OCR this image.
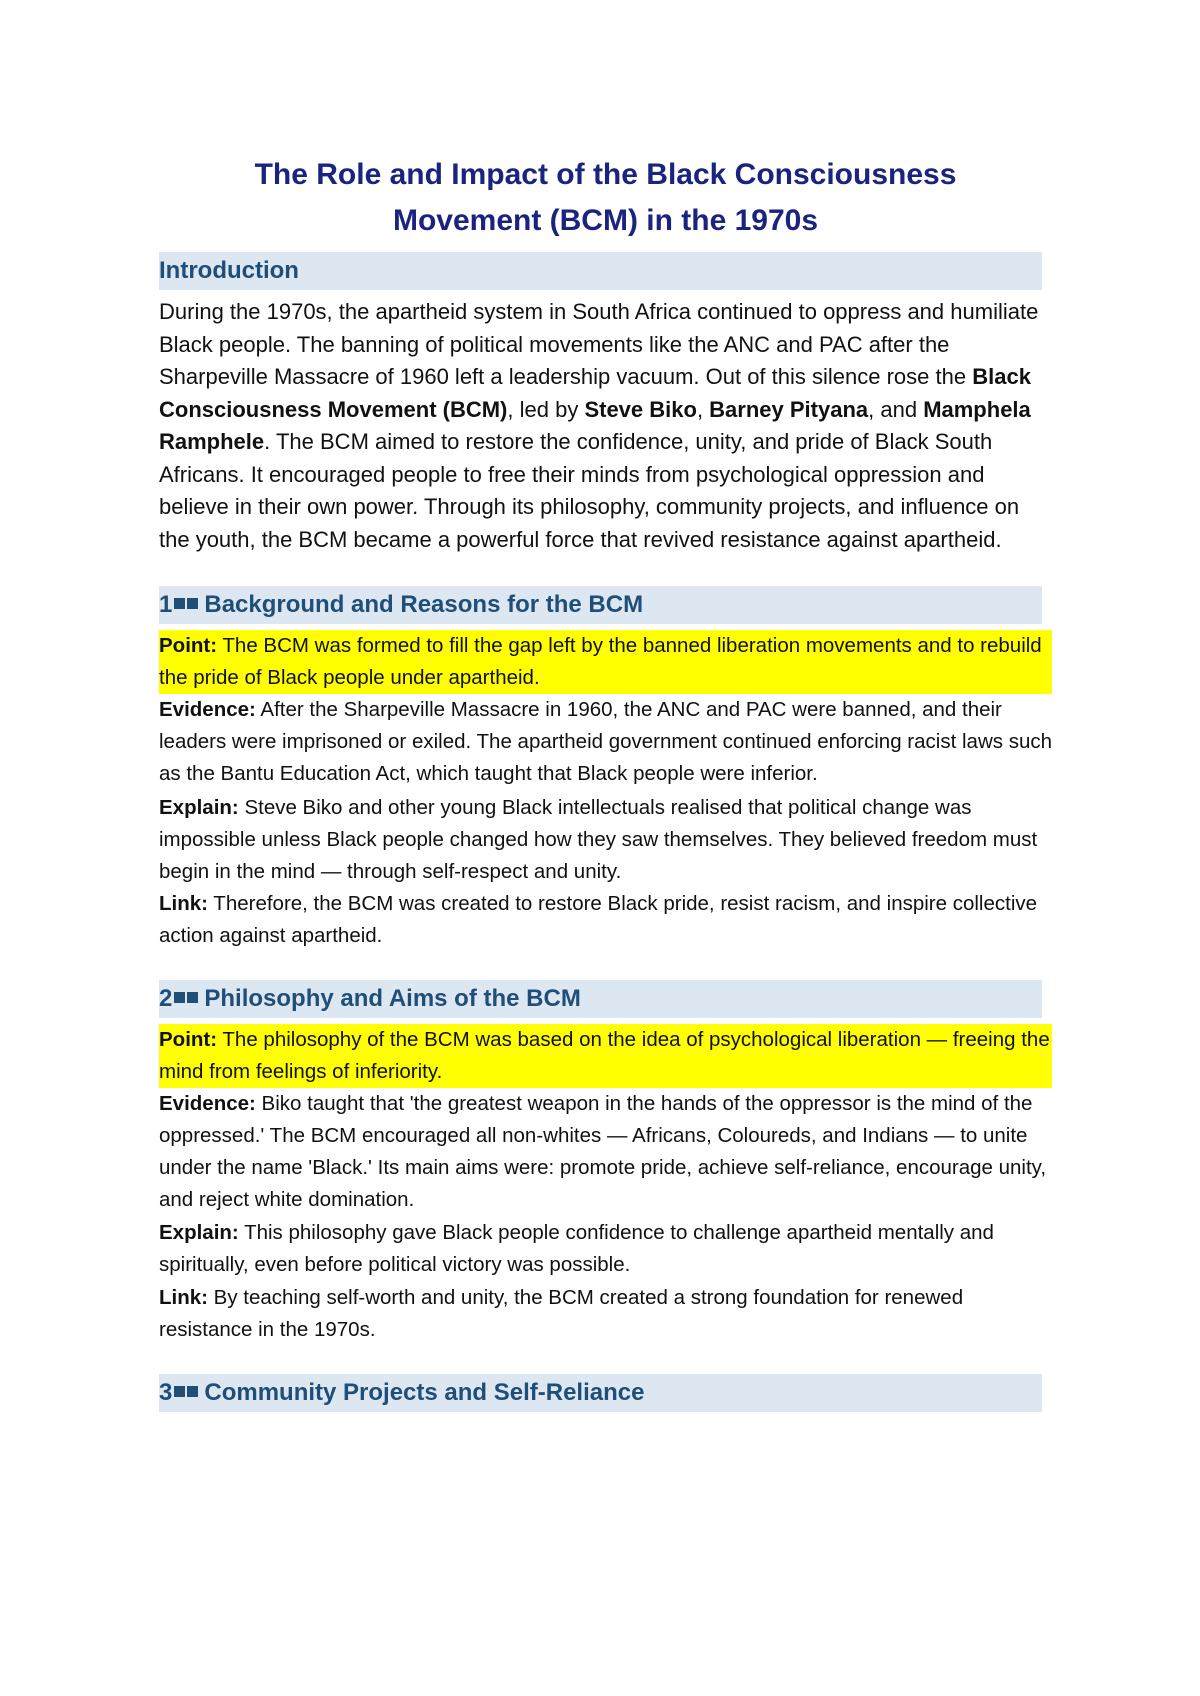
The Role and Impact of the Black Consciousness
Movement (BCM) in the 1970s
Introduction

During the 1970s, the apartheid system in South Africa continued to oppress and humiliate Black people. The banning of political movements like the ANC and PAC after the Sharpeville Massacre of 1960 left a leadership vacuum. Out of this silence rose the Black Consciousness Movement (BCM), led by Steve Biko, Barney Pityana, and Mamphela Ramphele. The BCM aimed to restore the confidence, unity, and pride of Black South Africans. It encouraged people to free their minds from psychological oppression and believe in their own power. Through its philosophy, community projects, and influence on the youth, the BCM became a powerful force that revived resistance against apartheid.

1 Background and Reasons for the BCM

Point: The BCM was formed to fill the gap left by the banned liberation movements and to rebuild the pride of Black people under apartheid.

Evidence: After the Sharpeville Massacre in 1960, the ANC and PAC were banned, and their leaders were imprisoned or exiled. The apartheid government continued enforcing racist laws such as the Bantu Education Act, which taught that Black people were inferior.

Explain: Steve Biko and other young Black intellectuals realised that political change was impossible unless Black people changed how they saw themselves. They believed freedom must begin in the mind — through self-respect and unity.

Link: Therefore, the BCM was created to restore Black pride, resist racism, and inspire collective action against apartheid.

2 Philosophy and Aims of the BCM

Point: The philosophy of the BCM was based on the idea of psychological liberation — freeing the mind from feelings of inferiority.

Evidence: Biko taught that 'the greatest weapon in the hands of the oppressor is the mind of the oppressed.' The BCM encouraged all non-whites — Africans, Coloureds, and Indians — to unite under the name 'Black.' Its main aims were: promote pride, achieve self-reliance, encourage unity, and reject white domination.

Explain: This philosophy gave Black people confidence to challenge apartheid mentally and spiritually, even before political victory was possible.

Link: By teaching self-worth and unity, the BCM created a strong foundation for renewed resistance in the 1970s.

3 Community Projects and Self-Reliance
